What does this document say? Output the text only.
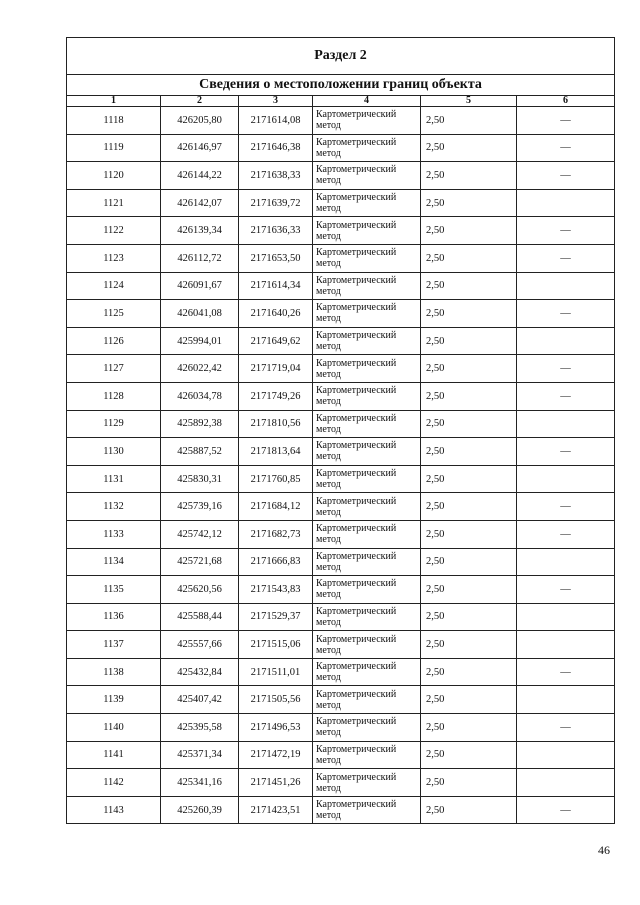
Раздел 2					
Сведения о местоположении границ объекта					
1	2	3	4	5	6
1118	426205,80	2171614,08	Картометрический метод	2,50	—
1119	426146,97	2171646,38	Картометрический метод	2,50	—
1120	426144,22	2171638,33	Картометрический метод	2,50	—
1121	426142,07	2171639,72	Картометрический метод	2,50	
1122	426139,34	2171636,33	Картометрический метод	2,50	—
1123	426112,72	2171653,50	Картометрический метод	2,50	—
1124	426091,67	2171614,34	Картометрический метод	2,50	
1125	426041,08	2171640,26	Картометрический метод	2,50	—
1126	425994,01	2171649,62	Картометрический метод	2,50	
1127	426022,42	2171719,04	Картометрический метод	2,50	—
1128	426034,78	2171749,26	Картометрический метод	2,50	—
1129	425892,38	2171810,56	Картометрический метод	2,50	
1130	425887,52	2171813,64	Картометрический метод	2,50	—
1131	425830,31	2171760,85	Картометрический метод	2,50	
1132	425739,16	2171684,12	Картометрический метод	2,50	—
1133	425742,12	2171682,73	Картометрический метод	2,50	—
1134	425721,68	2171666,83	Картометрический метод	2,50	
1135	425620,56	2171543,83	Картометрический метод	2,50	—
1136	425588,44	2171529,37	Картометрический метод	2,50	
1137	425557,66	2171515,06	Картометрический метод	2,50	
1138	425432,84	2171511,01	Картометрический метод	2,50	—
1139	425407,42	2171505,56	Картометрический метод	2,50	
1140	425395,58	2171496,53	Картометрический метод	2,50	—
1141	425371,34	2171472,19	Картометрический метод	2,50	
1142	425341,16	2171451,26	Картометрический метод	2,50	
1143	425260,39	2171423,51	Картометрический метод	2,50	—
46
